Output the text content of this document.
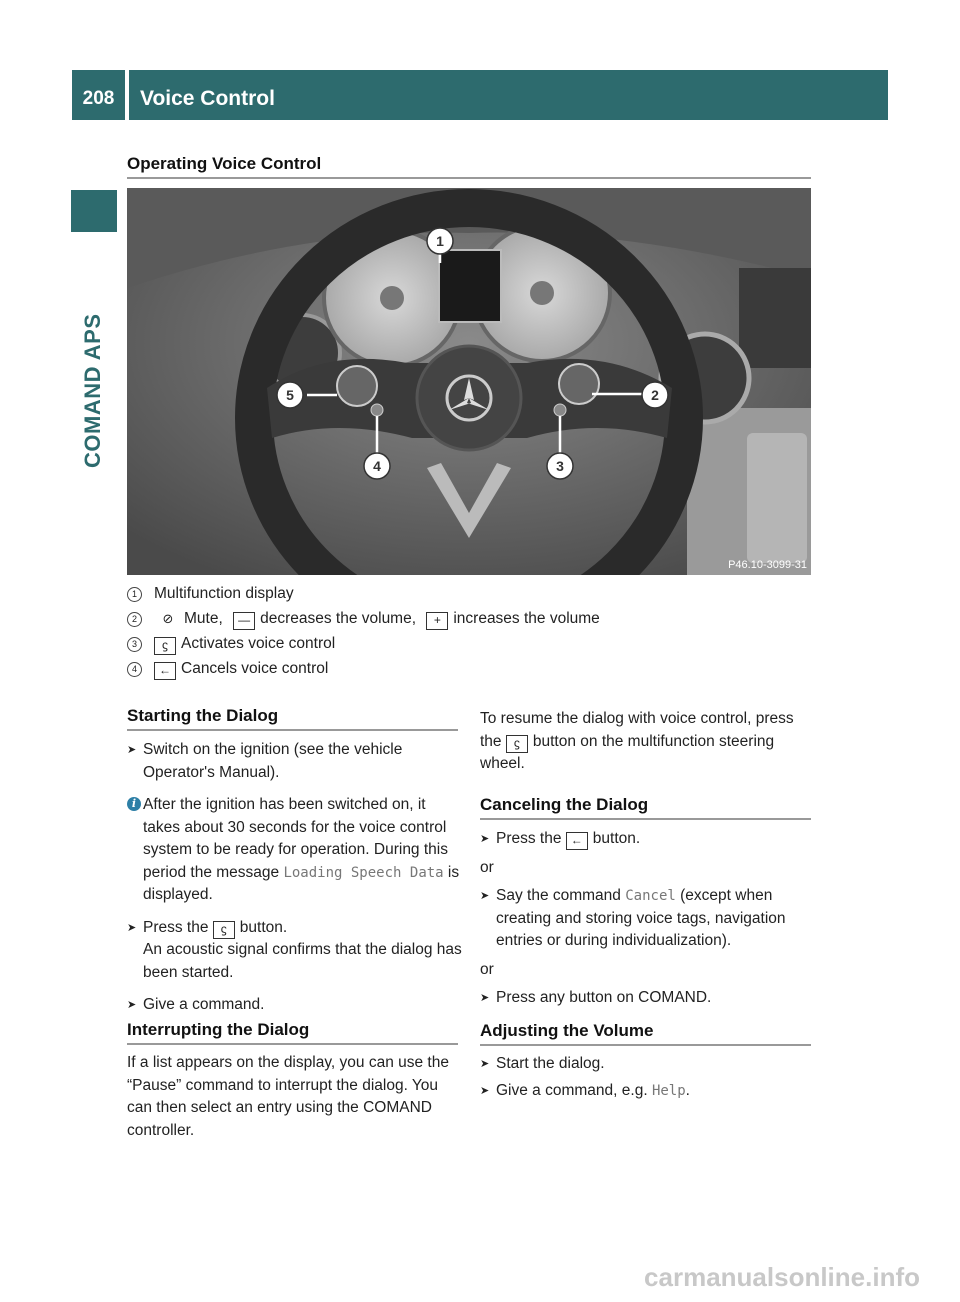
208	Voice Control
COMAND APS
Operating Voice Control
1
2
3
4
5
P46.10-3099-31
1 Multifunction display
2 ⊘ Mute, — decreases the volume, + increases the volume
3 ϛ Activates voice control
4 ← Cancels voice control
Starting the Dialog

➤ Switch on the ignition (see the vehicle Operator's Manual).

i After the ignition has been switched on, it takes about 30 seconds for the voice control system to be ready for operation. During this period the message Loading Speech Data is displayed.

➤ Press the ϛ button.
An acoustic signal confirms that the dialog has been started.

➤ Give a command.

Interrupting the Dialog

If a list appears on the display, you can use the “Pause” command to interrupt the dialog. You can then select an entry using the COMAND controller.

To resume the dialog with voice control, press the ϛ button on the multifunction steering wheel.

Canceling the Dialog

➤ Press the ← button.

or

➤ Say the command Cancel (except when creating and storing voice tags, navigation entries or during individualization).

or

➤ Press any button on COMAND.

Adjusting the Volume

➤ Start the dialog.

➤ Give a command, e.g. Help.

carmanualsonline.info
